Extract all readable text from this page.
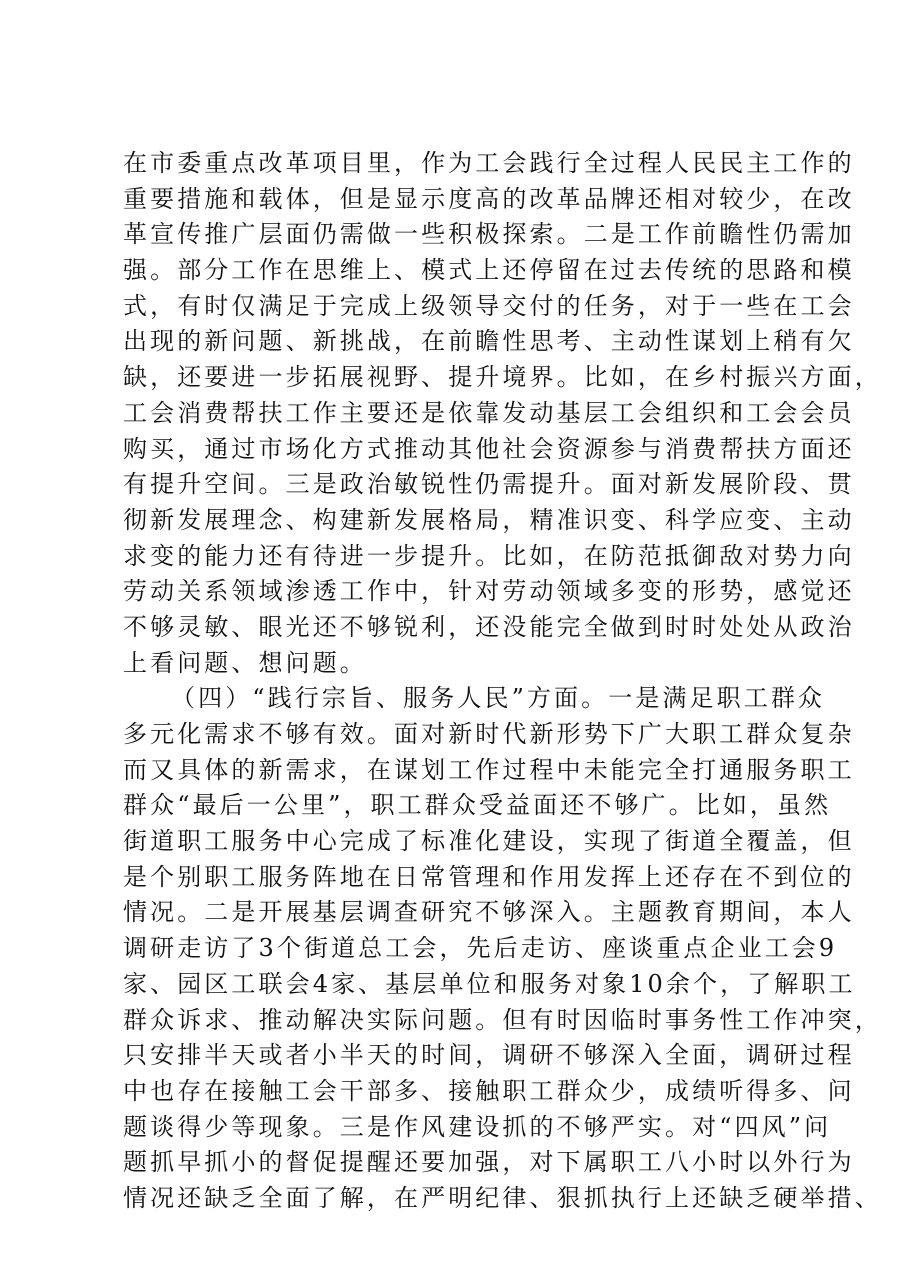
在市委重点改革项目里，作为工会践行全过程人民民主工作的
重要措施和载体，但是显示度高的改革品牌还相对较少，在改
革宣传推广层面仍需做一些积极探索。二是工作前瞻性仍需加
强。部分工作在思维上、模式上还停留在过去传统的思路和模
式，有时仅满足于完成上级领导交付的任务，对于一些在工会
出现的新问题、新挑战，在前瞻性思考、主动性谋划上稍有欠
缺，还要进一步拓展视野、提升境界。比如，在乡村振兴方面，
工会消费帮扶工作主要还是依靠发动基层工会组织和工会会员
购买，通过市场化方式推动其他社会资源参与消费帮扶方面还
有提升空间。三是政治敏锐性仍需提升。面对新发展阶段、贯
彻新发展理念、构建新发展格局，精准识变、科学应变、主动
求变的能力还有待进一步提升。比如，在防范抵御敌对势力向
劳动关系领域渗透工作中，针对劳动领域多变的形势，感觉还
不够灵敏、眼光还不够锐利，还没能完全做到时时处处从政治
上看问题、想问题。
（四）“践行宗旨、服务人民”方面。一是满足职工群众
多元化需求不够有效。面对新时代新形势下广大职工群众复杂
而又具体的新需求，在谋划工作过程中未能完全打通服务职工
群众“最后一公里”，职工群众受益面还不够广。比如，虽然
街道职工服务中心完成了标准化建设，实现了街道全覆盖，但
是个别职工服务阵地在日常管理和作用发挥上还存在不到位的
情况。二是开展基层调查研究不够深入。主题教育期间，本人
调研走访了3个街道总工会，先后走访、座谈重点企业工会9
家、园区工联会4家、基层单位和服务对象10余个，了解职工
群众诉求、推动解决实际问题。但有时因临时事务性工作冲突，
只安排半天或者小半天的时间，调研不够深入全面，调研过程
中也存在接触工会干部多、接触职工群众少，成绩听得多、问
题谈得少等现象。三是作风建设抓的不够严实。对“四风”问
题抓早抓小的督促提醒还要加强，对下属职工八小时以外行为
情况还缺乏全面了解，在严明纪律、狠抓执行上还缺乏硬举措、
